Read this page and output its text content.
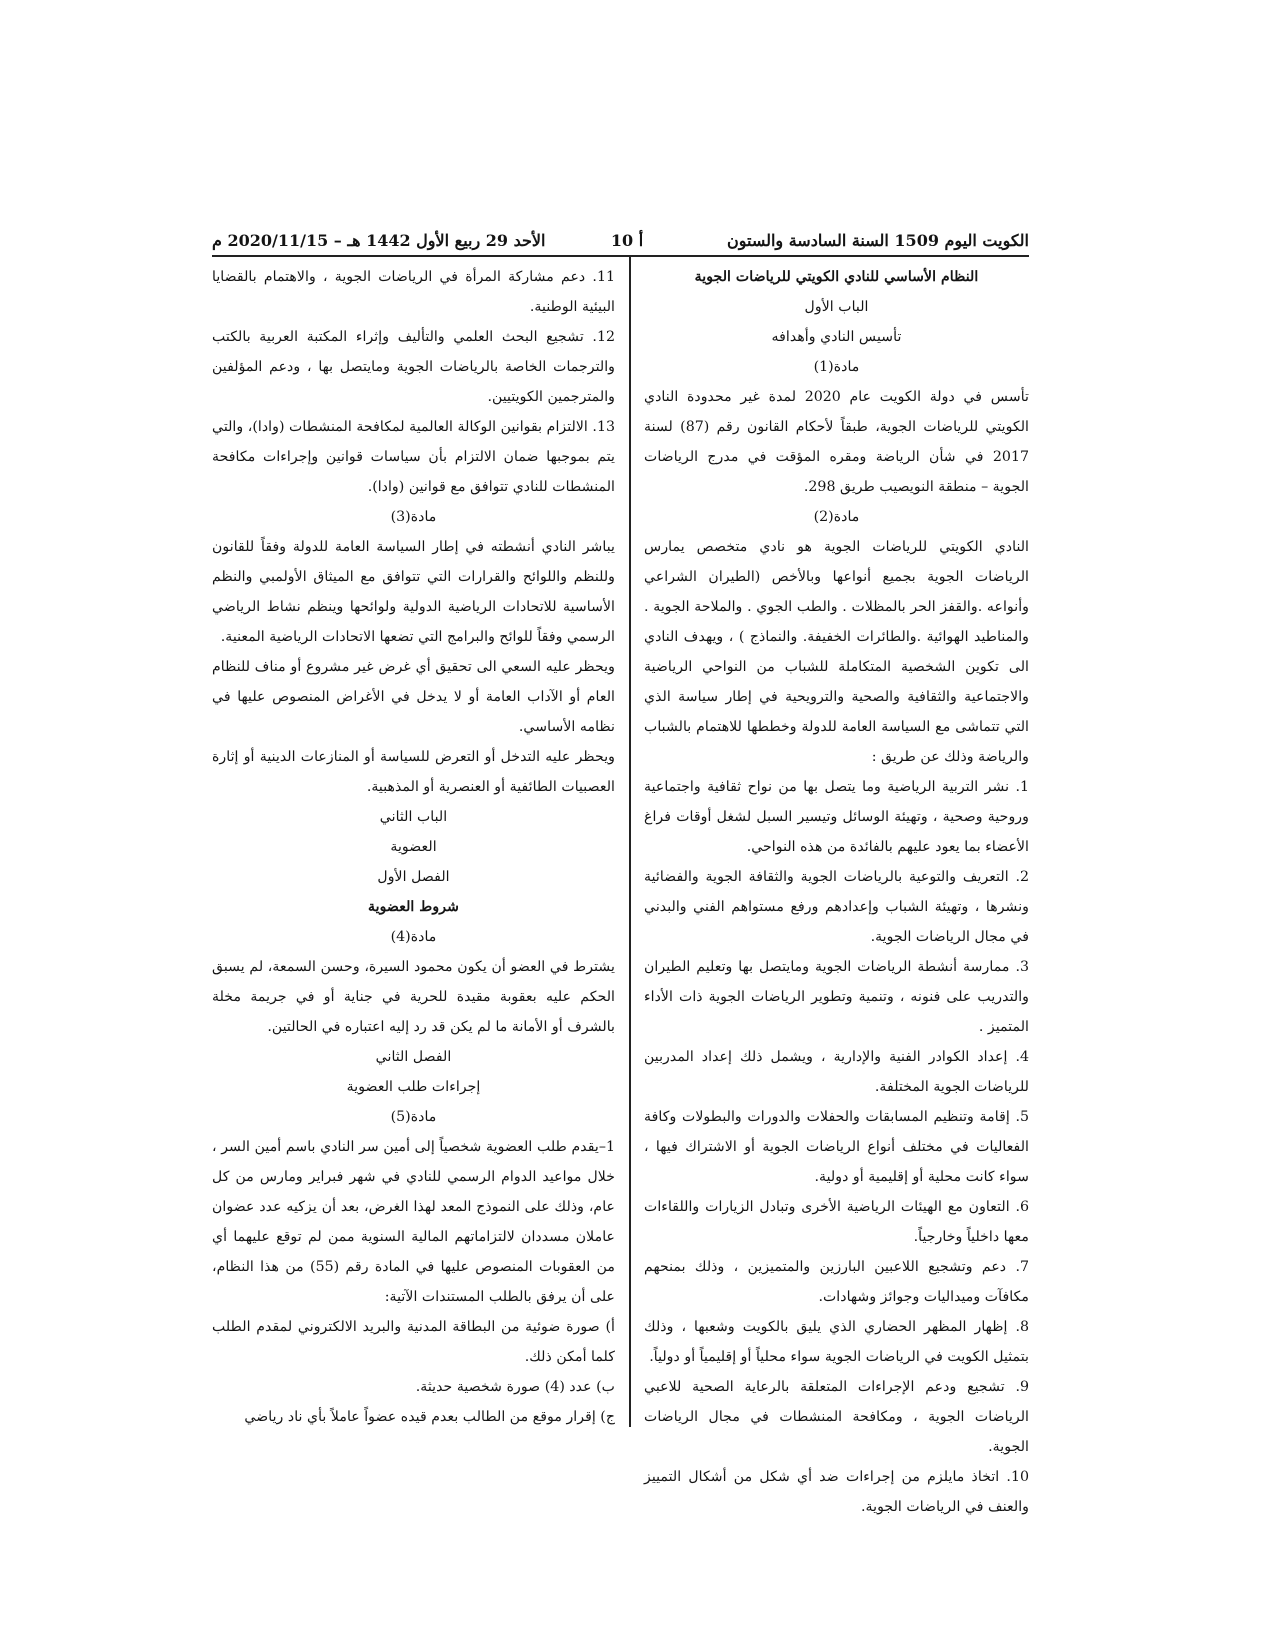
الكويت اليوم 1509 السنة السادسة والستون
أ 10
الأحد 29 ربيع الأول 1442 هـ – 2020/11/15 م

النظام الأساسي للنادي الكويتي للرياضات الجوية

الباب الأول

تأسيس النادي وأهدافه

مادة(1)

تأسس في دولة الكويت عام 2020 لمدة غير محدودة النادي الكويتي للرياضات الجوية، طبقاً لأحكام القانون رقم (87) لسنة 2017 في شأن الرياضة ومقره المؤقت في مدرج الرياضات الجوية – منطقة النويصيب طريق 298.

مادة(2)

النادي الكويتي للرياضات الجوية هو نادي متخصص يمارس الرياضات الجوية بجميع أنواعها وبالأخص (الطيران الشراعي وأنواعه .والقفز الحر بالمظلات . والطب الجوي . والملاحة الجوية . والمناطيد الهوائية .والطائرات الخفيفة. والنماذج ) ، ويهدف النادي الى تكوين الشخصية المتكاملة للشباب من النواحي الرياضية والاجتماعية والثقافية والصحية والترويحية في إطار سياسة الذي التي تتماشى مع السياسة العامة للدولة وخططها للاهتمام بالشباب والرياضة وذلك عن طريق :

1. نشر التربية الرياضية وما يتصل بها من نواح ثقافية واجتماعية وروحية وصحية ، وتهيئة الوسائل وتيسير السبل لشغل أوقات فراغ الأعضاء بما يعود عليهم بالفائدة من هذه النواحي.

2. التعريف والتوعية بالرياضات الجوية والثقافة الجوية والفضائية ونشرها ، وتهيئة الشباب وإعدادهم ورفع مستواهم الفني والبدني في مجال الرياضات الجوية.

3. ممارسة أنشطة الرياضات الجوية ومايتصل بها وتعليم الطيران والتدريب على فنونه ، وتنمية وتطوير الرياضات الجوية ذات الأداء المتميز .

4. إعداد الكوادر الفنية والإدارية ، ويشمل ذلك إعداد المدربين للرياضات الجوية المختلفة.

5. إقامة وتنظيم المسابقات والحفلات والدورات والبطولات وكافة الفعاليات في مختلف أنواع الرياضات الجوية أو الاشتراك فيها ، سواء كانت محلية أو إقليمية أو دولية.

6. التعاون مع الهيئات الرياضية الأخرى وتبادل الزيارات واللقاءات معها داخلياً وخارجياً.

7. دعم وتشجيع اللاعبين البارزين والمتميزين ، وذلك بمنحهم مكافآت وميداليات وجوائز وشهادات.

8. إظهار المظهر الحضاري الذي يليق بالكويت وشعبها ، وذلك بتمثيل الكويت في الرياضات الجوية سواء محلياً أو إقليمياً أو دولياً.

9. تشجيع ودعم الإجراءات المتعلقة بالرعاية الصحية للاعبي الرياضات الجوية ، ومكافحة المنشطات في مجال الرياضات الجوية.

10. اتخاذ مايلزم من إجراءات ضد أي شكل من أشكال التمييز والعنف في الرياضات الجوية.

11. دعم مشاركة المرأة في الرياضات الجوية ، والاهتمام بالقضايا البيئية الوطنية.

12. تشجيع البحث العلمي والتأليف وإثراء المكتبة العربية بالكتب والترجمات الخاصة بالرياضات الجوية ومايتصل بها ، ودعم المؤلفين والمترجمين الكويتيين.

13. الالتزام بقوانين الوكالة العالمية لمكافحة المنشطات (وادا)، والتي يتم بموجبها ضمان الالتزام بأن سياسات قوانين وإجراءات مكافحة المنشطات للنادي تتوافق مع قوانين (وادا).

مادة(3)

يباشر النادي أنشطته في إطار السياسة العامة للدولة وفقاً للقانون وللنظم واللوائح والقرارات التي تتوافق مع الميثاق الأولمبي والنظم الأساسية للاتحادات الرياضية الدولية ولوائحها وينظم نشاط الرياضي الرسمي وفقاً للوائح والبرامج التي تضعها الاتحادات الرياضية المعنية.

ويحظر عليه السعي الى تحقيق أي غرض غير مشروع أو مناف للنظام العام أو الآداب العامة أو لا يدخل في الأغراض المنصوص عليها في نظامه الأساسي.

ويحظر عليه التدخل أو التعرض للسياسة أو المنازعات الدينية أو إثارة العصبيات الطائفية أو العنصرية أو المذهبية.

الباب الثاني

العضوية

الفصل الأول

شروط العضوية

مادة(4)

يشترط في العضو أن يكون محمود السيرة، وحسن السمعة، لم يسبق الحكم عليه بعقوبة مقيدة للحرية في جناية أو في جريمة مخلة بالشرف أو الأمانة ما لم يكن قد رد إليه اعتباره في الحالتين.

الفصل الثاني

إجراءات طلب العضوية

مادة(5)

1–يقدم طلب العضوية شخصياً إلى أمين سر النادي باسم أمين السر ، خلال مواعيد الدوام الرسمي للنادي في شهر فبراير ومارس من كل عام، وذلك على النموذج المعد لهذا الغرض، بعد أن يزكيه عدد عضوان عاملان مسددان لالتزاماتهم المالية السنوية ممن لم توقع عليهما أي من العقوبات المنصوص عليها في المادة رقم (55) من هذا النظام، على أن يرفق بالطلب المستندات الآتية:

أ) صورة ضوئية من البطاقة المدنية والبريد الالكتروني لمقدم الطلب كلما أمكن ذلك.

ب) عدد (4) صورة شخصية حديثة.

ج) إقرار موقع من الطالب بعدم قيده عضواً عاملاً بأي ناد رياضي
